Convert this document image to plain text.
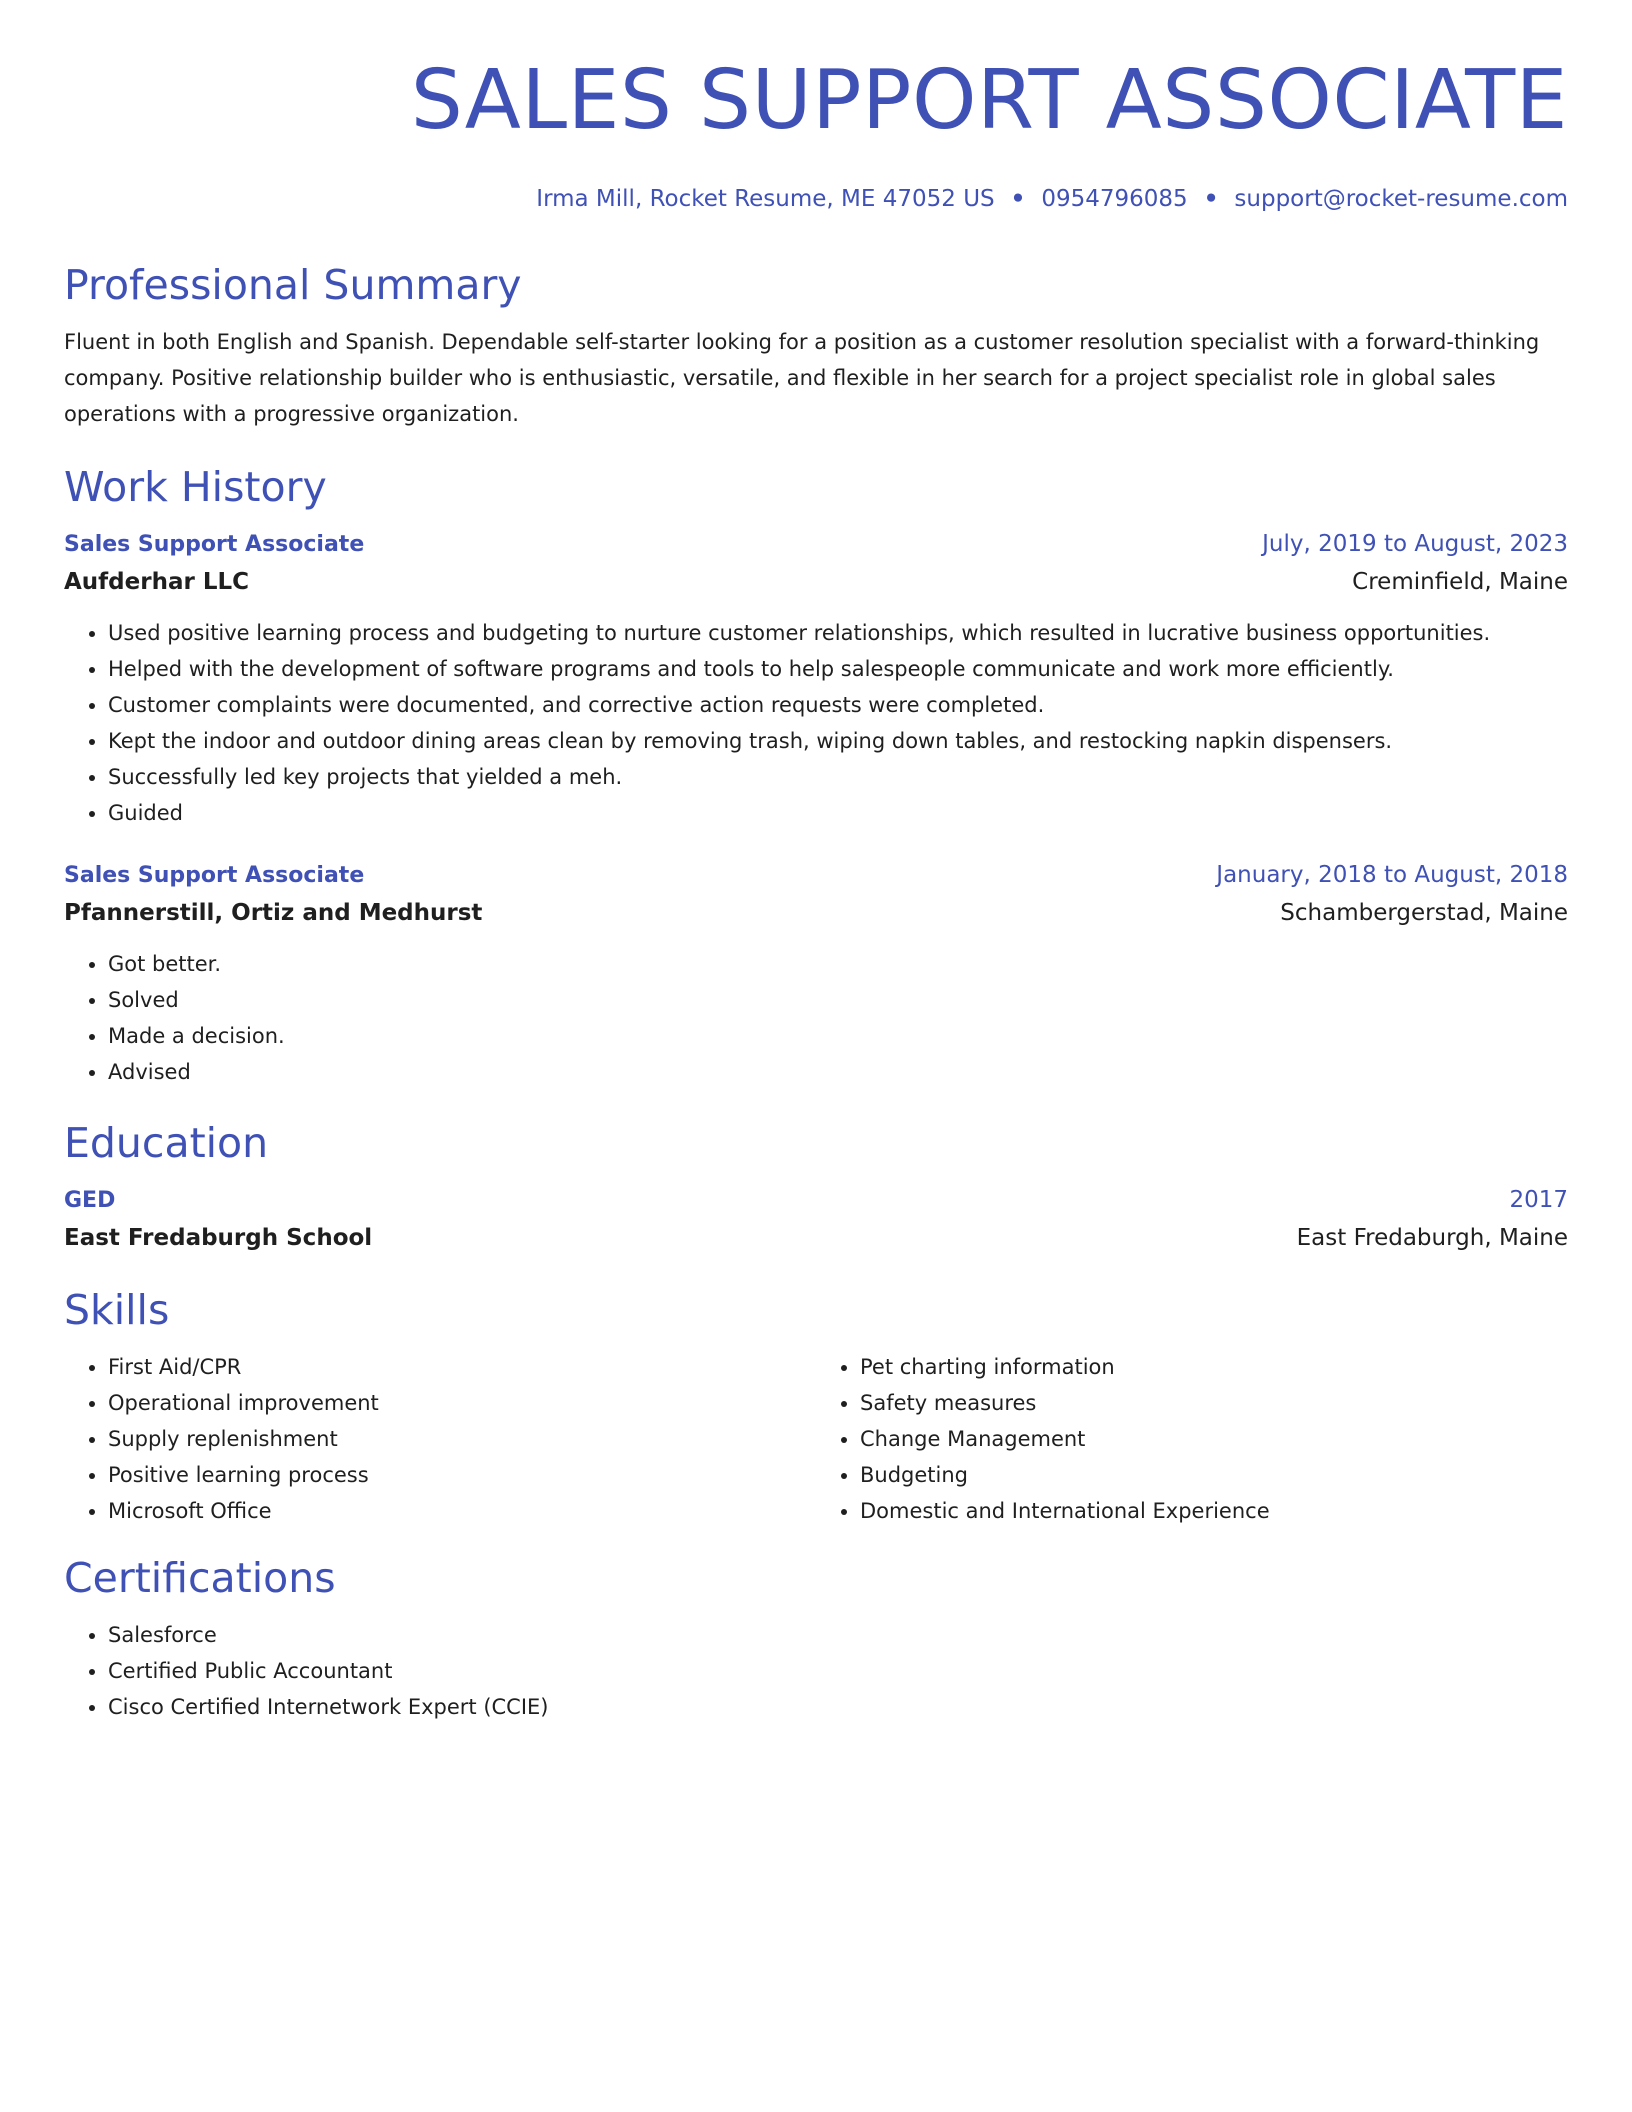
SALES SUPPORT ASSOCIATE
Irma Mill, Rocket Resume, ME 47052 US • 0954796085 • support@rocket-resume.com
Professional Summary
Fluent in both English and Spanish. Dependable self-starter looking for a position as a customer resolution specialist with a forward-thinking company. Positive relationship builder who is enthusiastic, versatile, and flexible in her search for a project specialist role in global sales operations with a progressive organization.
Work History
Sales Support Associate	July, 2019 to August, 2023
Aufderhar LLC	Creminfield, Maine
• Used positive learning process and budgeting to nurture customer relationships, which resulted in lucrative business opportunities.
• Helped with the development of software programs and tools to help salespeople communicate and work more efficiently.
• Customer complaints were documented, and corrective action requests were completed.
• Kept the indoor and outdoor dining areas clean by removing trash, wiping down tables, and restocking napkin dispensers.
• Successfully led key projects that yielded a meh.
• Guided
Sales Support Associate	January, 2018 to August, 2018
Pfannerstill, Ortiz and Medhurst	Schambergerstad, Maine
• Got better.
• Solved
• Made a decision.
• Advised
Education
GED	2017
East Fredaburgh School	East Fredaburgh, Maine
Skills
• First Aid/CPR
• Operational improvement
• Supply replenishment
• Positive learning process
• Microsoft Office
• Pet charting information
• Safety measures
• Change Management
• Budgeting
• Domestic and International Experience
Certifications
• Salesforce
• Certified Public Accountant
• Cisco Certified Internetwork Expert (CCIE)
